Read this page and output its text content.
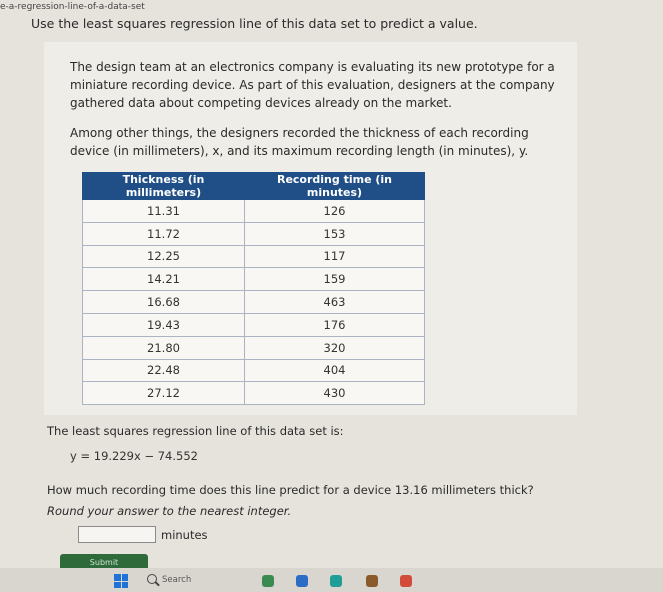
e-a-regression-line-of-a-data-set
Use the least squares regression line of this data set to predict a value.

The design team at an electronics company is evaluating its new prototype for a miniature recording device. As part of this evaluation, designers at the company gathered data about competing devices already on the market.

Among other things, the designers recorded the thickness of each recording device (in millimeters), x, and its maximum recording length (in minutes), y.

Thickness (in millimeters)	Recording time (in minutes)
11.31	126
11.72	153
12.25	117
14.21	159
16.68	463
19.43	176
21.80	320
22.48	404
27.12	430
The least squares regression line of this data set is:
y = 19.229x − 74.552
How much recording time does this line predict for a device 13.16 millimeters thick?
Round your answer to the nearest integer.
minutes
Submit
Search
